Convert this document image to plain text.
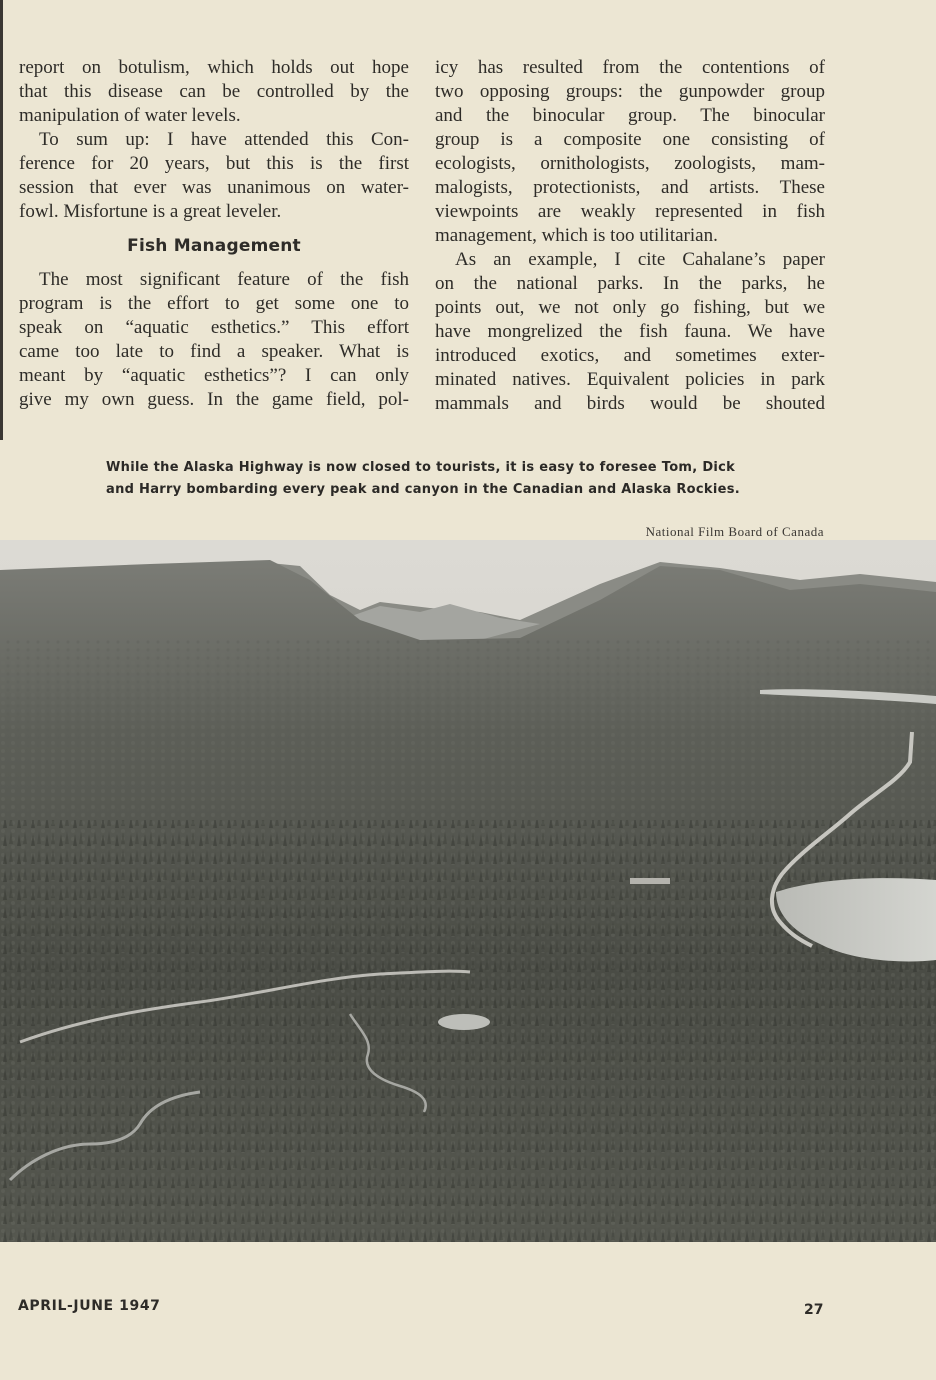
report on botulism, which holds out hope
that this disease can be controlled by the
manipulation of water levels.

To sum up: I have attended this Con-
ference for 20 years, but this is the first
session that ever was unanimous on water-
fowl. Misfortune is a great leveler.

Fish Management

The most significant feature of the fish
program is the effort to get some one to
speak on “aquatic esthetics.” This effort
came too late to find a speaker. What is
meant by “aquatic esthetics”? I can only
give my own guess. In the game field, pol-

icy has resulted from the contentions of
two opposing groups: the gunpowder group
and the binocular group. The binocular
group is a composite one consisting of
ecologists, ornithologists, zoologists, mam-
malogists, protectionists, and artists. These
viewpoints are weakly represented in fish
management, which is too utilitarian.

As an example, I cite Cahalane’s paper
on the national parks. In the parks, he
points out, we not only go fishing, but we
have mongrelized the fish fauna. We have
introduced exotics, and sometimes exter-
minated natives. Equivalent policies in park
mammals and birds would be shouted

While the Alaska Highway is now closed to tourists, it is easy to foresee Tom, Dick
and Harry bombarding every peak and canyon in the Canadian and Alaska Rockies.
National Film Board of Canada
APRIL-JUNE 1947	27
